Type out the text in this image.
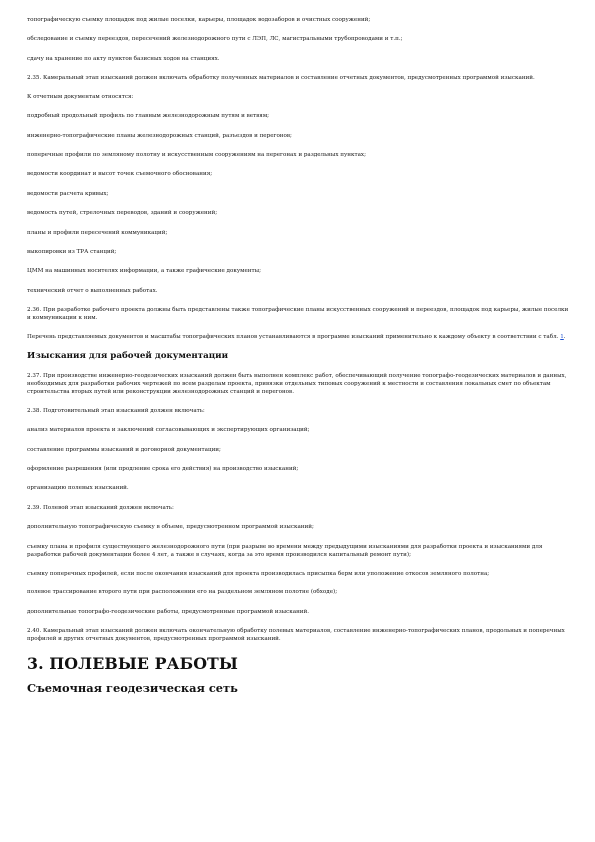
топографическую съемку площадок под жилые поселки, карьеры, площадок водозаборов и очистных сооружений;

обследование и съемку переездов, пересечений железнодорожного пути с ЛЭП, ЛС, магистральными трубопроводами и т.п.;

сдачу на хранение по акту пунктов базисных ходов на станциях.

2.35. Камеральный этап изысканий должен включать обработку полученных материалов и составление отчетных документов, предусмотренных программой изысканий.

К отчетным документам относятся:

подробный продольный профиль по главным железнодорожным путям и ветвям;

инженерно-топографические планы железнодорожных станций, разъездов и перегонов;

поперечные профили по земляному полотну и искусственным сооружениям на перегонах и раздельных пунктах;

ведомости координат и высот точек съемочного обоснования;

ведомости расчета кривых;

ведомость путей, стрелочных переводов, зданий и сооружений;

планы и профили пересечений коммуникаций;

выкопировки из ТРА станций;

ЦММ на машинных носителях информации, а также графические документы;

технический отчет о выполненных работах.

2.36. При разработке рабочего проекта должны быть представлены также топографические планы искусственных сооружений и переездов, площадок под карьеры, жилые поселки и коммуникации к ним.

Перечень представляемых документов и масштабы топографических планов устанавливаются в программе изысканий применительно к каждому объекту в соответствии с табл. 1.

Изыскания для рабочей документации

2.37. При производстве инженерно-геодезических изысканий должен быть выполнен комплекс работ, обеспечивающий получение топографо-геодезических материалов и данных, необходимых для разработки рабочих чертежей по всем разделам проекта, привязки отдельных типовых сооружений к местности и составления локальных смет по объектам строительства вторых путей или реконструкции железнодорожных станций и перегонов.

2.38. Подготовительный этап изысканий должен включать:

анализ материалов проекта и заключений согласовывающих и экспертирующих организаций;

составление программы изысканий и договорной документации;

оформление разрешения (или продление срока его действия) на производство изысканий;

организацию полевых изысканий.

2.39. Полевой этап изысканий должен включать:

дополнительную топографическую съемку в объеме, предусмотренном программой изысканий;

съемку плана и профиля существующего железнодорожного пути (при разрыве во времени между предыдущими изысканиями для разработки проекта и изысканиями для разработки рабочей документации более 4 лет, а также в случаях, когда за это время производился капитальный ремонт пути);

съемку поперечных профилей, если после окончания изысканий для проекта производилась присыпка берм или уположение откосов земляного полотна;

полевое трассирование второго пути при расположении его на раздельном земляном полотне (обходе);

дополнительные топографо-геодезические работы, предусмотренные программой изысканий.

2.40. Камеральный этап изысканий должен включать окончательную обработку полевых материалов, составление инженерно-топографических планов, продольных и поперечных профилей и других отчетных документов, предусмотренных программой изысканий.

3. ПОЛЕВЫЕ РАБОТЫ
Съемочная геодезическая сеть
